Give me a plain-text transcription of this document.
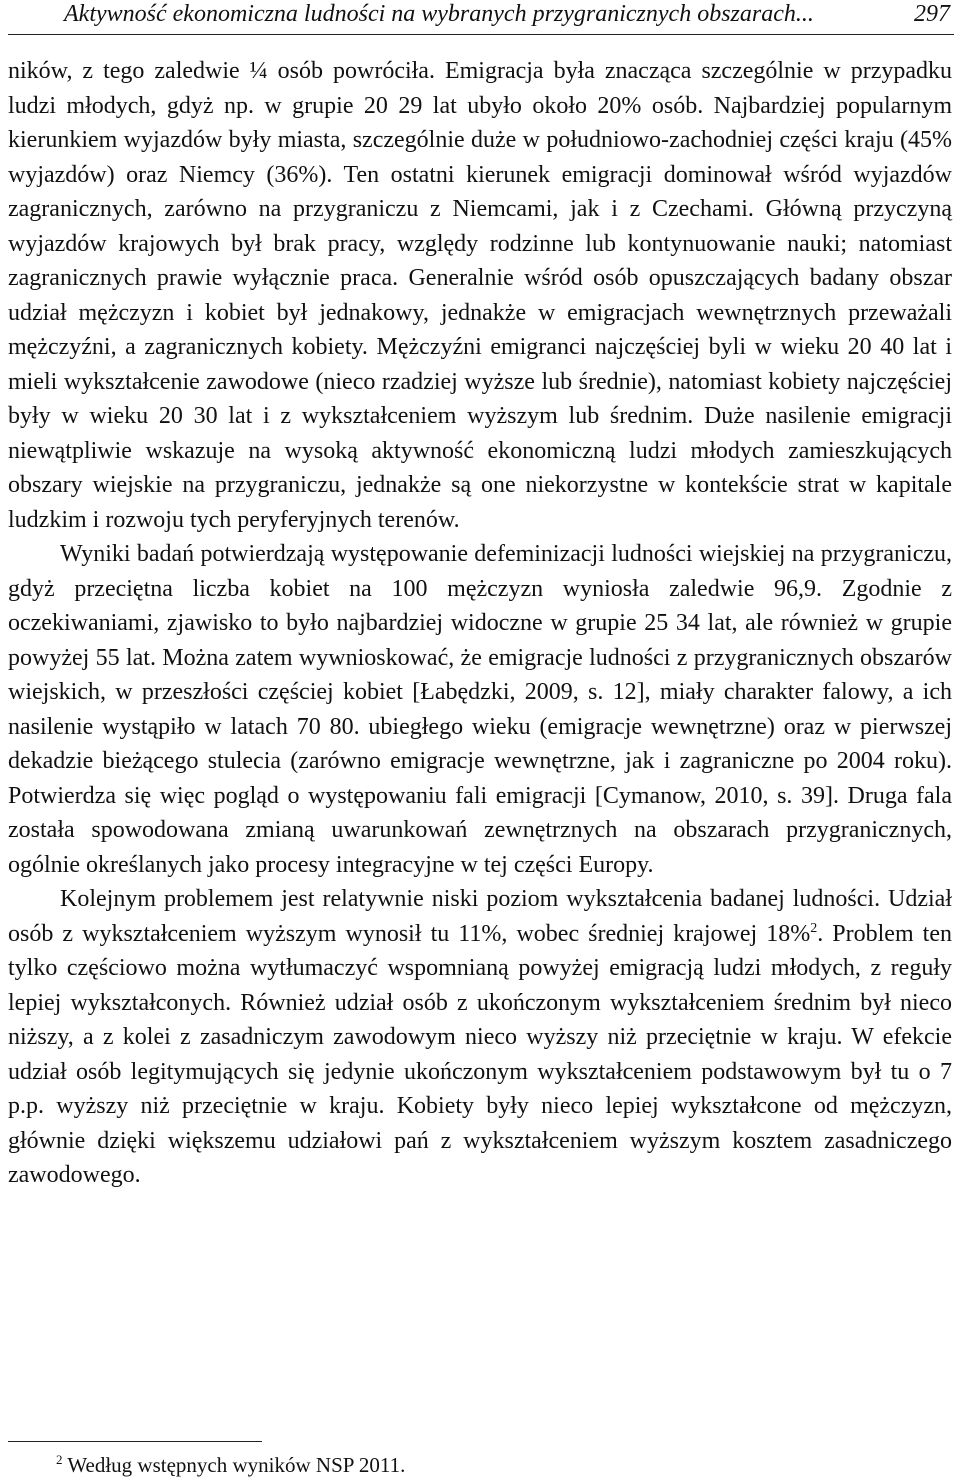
Aktywność ekonomiczna ludności na wybranych przygranicznych obszarach...	297

ników, z tego zaledwie ¼ osób powróciła. Emigracja była znacząca szczególnie w przypadku ludzi młodych, gdyż np. w grupie 20 29 lat ubyło około 20% osób. Najbardziej popularnym kierunkiem wyjazdów były miasta, szczególnie duże w południowo-zachodniej części kraju (45% wyjazdów) oraz Niemcy (36%). Ten ostatni kierunek emigracji dominował wśród wyjazdów zagranicznych, zarówno na przygraniczu z Niemcami, jak i z Czechami. Główną przyczyną wyjazdów krajowych był brak pracy, względy rodzinne lub kontynuowanie nauki; natomiast zagranicznych prawie wyłącznie praca. Generalnie wśród osób opuszczających badany obszar udział mężczyzn i kobiet był jednakowy, jednakże w emigracjach wewnętrznych przeważali mężczyźni, a zagranicznych kobiety. Mężczyźni emigranci najczęściej byli w wieku 20 40 lat i mieli wykształcenie zawodowe (nieco rzadziej wyższe lub średnie), natomiast kobiety najczęściej były w wieku 20 30 lat i z wykształceniem wyższym lub średnim. Duże nasilenie emigracji niewątpliwie wskazuje na wysoką aktywność ekonomiczną ludzi młodych zamieszkujących obszary wiejskie na przygraniczu, jednakże są one niekorzystne w kontekście strat w kapitale ludzkim i rozwoju tych peryferyjnych terenów.

Wyniki badań potwierdzają występowanie defeminizacji ludności wiejskiej na przygraniczu, gdyż przeciętna liczba kobiet na 100 mężczyzn wyniosła zaledwie 96,9. Zgodnie z oczekiwaniami, zjawisko to było najbardziej widoczne w grupie 25 34 lat, ale również w grupie powyżej 55 lat. Można zatem wywnioskować, że emigracje ludności z przygranicznych obszarów wiejskich, w przeszłości częściej kobiet [Łabędzki, 2009, s. 12], miały charakter falowy, a ich nasilenie wystąpiło w latach 70 80. ubiegłego wieku (emigracje wewnętrzne) oraz w pierwszej dekadzie bieżącego stulecia (zarówno emigracje wewnętrzne, jak i zagraniczne po 2004 roku). Potwierdza się więc pogląd o występowaniu fali emigracji [Cymanow, 2010, s. 39]. Druga fala została spowodowana zmianą uwarunkowań zewnętrznych na obszarach przygranicznych, ogólnie określanych jako procesy integracyjne w tej części Europy.

Kolejnym problemem jest relatywnie niski poziom wykształcenia badanej ludności. Udział osób z wykształceniem wyższym wynosił tu 11%, wobec średniej krajowej 18%$^2$. Problem ten tylko częściowo można wytłumaczyć wspomnianą powyżej emigracją ludzi młodych, z reguły lepiej wykształconych. Również udział osób z ukończonym wykształceniem średnim był nieco niższy, a z kolei z zasadniczym zawodowym nieco wyższy niż przeciętnie w kraju. W efekcie udział osób legitymujących się jedynie ukończonym wykształceniem podstawowym był tu o 7 p.p. wyższy niż przeciętnie w kraju. Kobiety były nieco lepiej wykształcone od mężczyzn, głównie dzięki większemu udziałowi pań z wykształceniem wyższym kosztem zasadniczego zawodowego.

$^2$ Według wstępnych wyników NSP 2011.
